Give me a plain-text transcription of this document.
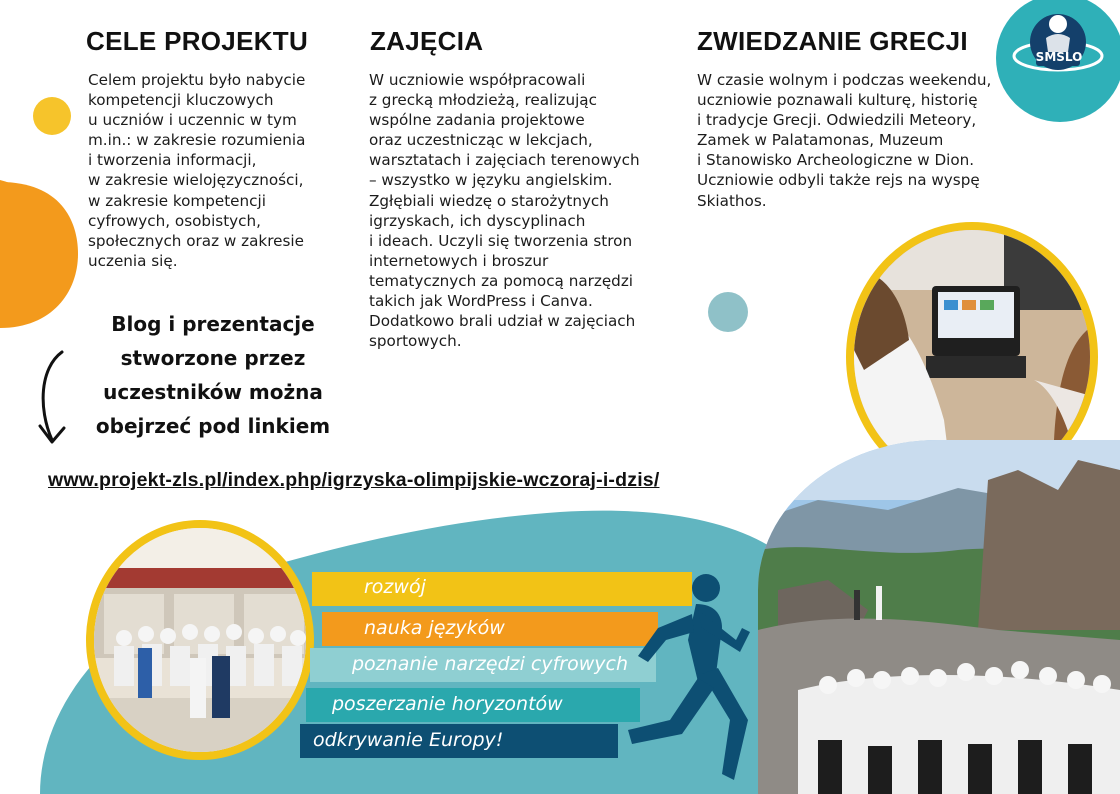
SMSLO
CELE PROJEKTU
Celem projektu było nabycie
kompetencji kluczowych
u uczniów i uczennic w tym
m.in.: w zakresie rozumienia
i tworzenia informacji,
w zakresie wielojęzyczności,
w zakresie kompetencji
cyfrowych, osobistych,
społecznych oraz w zakresie
uczenia się.
ZAJĘCIA
W uczniowie współpracowali
z grecką młodzieżą, realizując
wspólne zadania projektowe
oraz uczestnicząc w lekcjach,
warsztatach i zajęciach terenowych
– wszystko w języku angielskim.
Zgłębiali wiedzę o starożytnych
igrzyskach, ich dyscyplinach
i ideach. Uczyli się tworzenia stron
internetowych i broszur
tematycznych za pomocą narzędzi
takich jak WordPress i Canva.
Dodatkowo brali udział w zajęciach
sportowych.
ZWIEDZANIE GRECJI
W czasie wolnym i podczas weekendu,
uczniowie poznawali kulturę, historię
i tradycje Grecji. Odwiedzili Meteory,
Zamek w Palatamonas, Muzeum
i Stanowisko Archeologiczne w Dion.
Uczniowie odbyli także rejs na wyspę
Skiathos.
Blog i prezentacje
stworzone przez
uczestników można
obejrzeć pod linkiem
www.projekt-zls.pl/index.php/igrzyska-olimpijskie-wczoraj-i-dzis/
rozwój
nauka języków
poznanie narzędzi cyfrowych
poszerzanie horyzontów
odkrywanie Europy!
